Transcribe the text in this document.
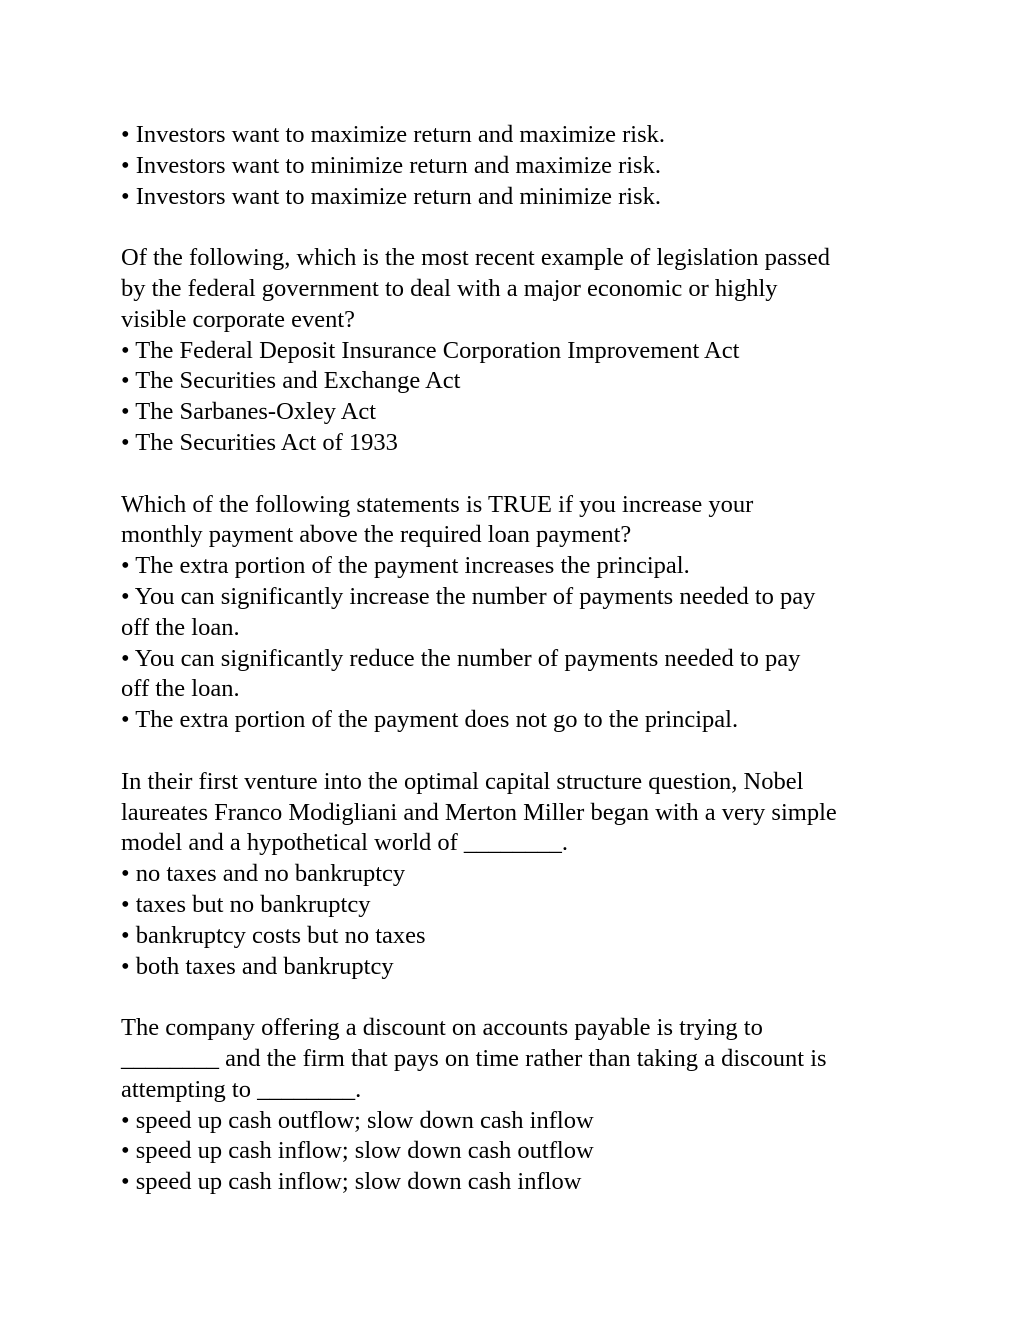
• Investors want to maximize return and maximize risk.
• Investors want to minimize return and maximize risk.
• Investors want to maximize return and minimize risk.
Of the following, which is the most recent example of legislation passed
by the federal government to deal with a major economic or highly
visible corporate event?
• The Federal Deposit Insurance Corporation Improvement Act
• The Securities and Exchange Act
• The Sarbanes-Oxley Act
• The Securities Act of 1933
Which of the following statements is TRUE if you increase your
monthly payment above the required loan payment?
• The extra portion of the payment increases the principal.
• You can significantly increase the number of payments needed to pay
off the loan.
• You can significantly reduce the number of payments needed to pay
off the loan.
• The extra portion of the payment does not go to the principal.
In their first venture into the optimal capital structure question, Nobel
laureates Franco Modigliani and Merton Miller began with a very simple
model and a hypothetical world of ________.
• no taxes and no bankruptcy
• taxes but no bankruptcy
• bankruptcy costs but no taxes
• both taxes and bankruptcy
The company offering a discount on accounts payable is trying to
________ and the firm that pays on time rather than taking a discount is
attempting to ________.
• speed up cash outflow; slow down cash inflow
• speed up cash inflow; slow down cash outflow
• speed up cash inflow; slow down cash inflow
